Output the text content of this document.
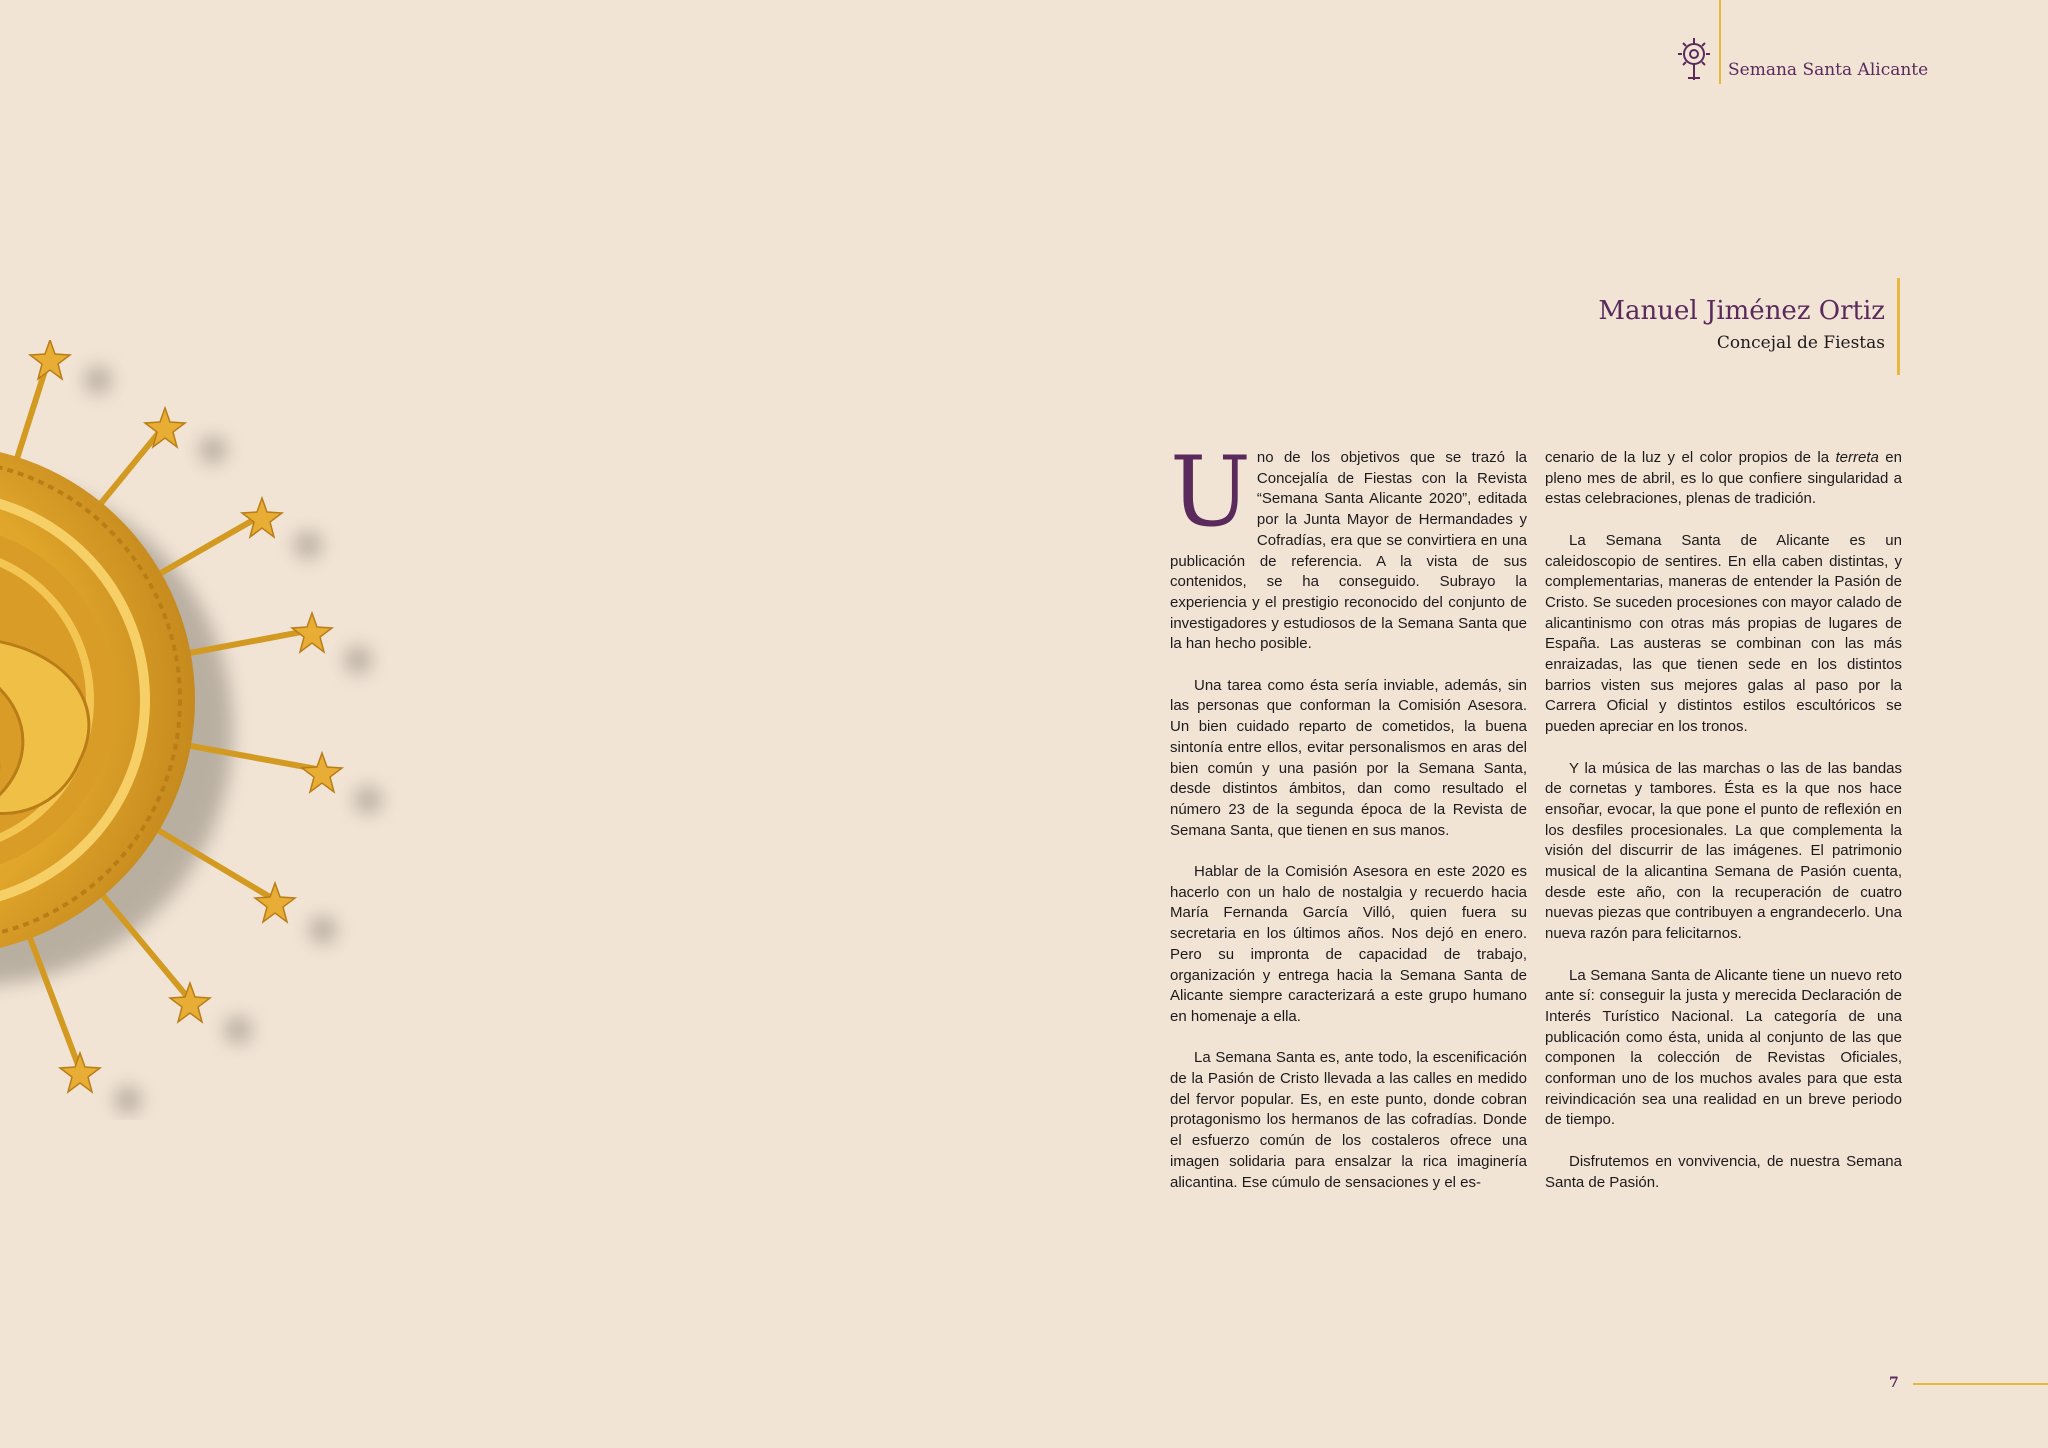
Semana Santa Alicante
Manuel Jiménez Ortiz
Concejal de Fiestas

Uno de los objetivos que se trazó la Concejalía de Fiestas con la Revista “Semana Santa Alicante 2020”, editada por la Junta Mayor de Hermandades y Cofradías, era que se convirtiera en una publicación de referencia. A la vista de sus contenidos, se ha conseguido. Subrayo la experiencia y el prestigio reconocido del conjunto de investigadores y estudiosos de la Semana Santa que la han hecho posible.

Una tarea como ésta sería inviable, además, sin las personas que conforman la Comisión Asesora. Un bien cuidado reparto de cometidos, la buena sintonía entre ellos, evitar personalismos en aras del bien común y una pasión por la Semana Santa, desde distintos ámbitos, dan como resultado el número 23 de la segunda época de la Revista de Semana Santa, que tienen en sus manos.

Hablar de la Comisión Asesora en este 2020 es hacerlo con un halo de nostalgia y recuerdo hacia María Fernanda García Villó, quien fuera su secretaria en los últimos años. Nos dejó en enero. Pero su impronta de capacidad de trabajo, organización y entrega hacia la Semana Santa de Alicante siempre caracterizará a este grupo humano en homenaje a ella.

La Semana Santa es, ante todo, la escenificación de la Pasión de Cristo llevada a las calles en medido del fervor popular. Es, en este punto, donde cobran protagonismo los hermanos de las cofradías. Donde el esfuerzo común de los costaleros ofrece una imagen solidaria para ensalzar la rica imaginería alicantina. Ese cúmulo de sensaciones y el es-

cenario de la luz y el color propios de la terreta en pleno mes de abril, es lo que confiere singularidad a estas celebraciones, plenas de tradición.

La Semana Santa de Alicante es un caleidoscopio de sentires. En ella caben distintas, y complementarias, maneras de entender la Pasión de Cristo. Se suceden procesiones con mayor calado de alicantinismo con otras más propias de lugares de España. Las austeras se combinan con las más enraizadas, las que tienen sede en los distintos barrios visten sus mejores galas al paso por la Carrera Oficial y distintos estilos escultóricos se pueden apreciar en los tronos.

Y la música de las marchas o las de las bandas de cornetas y tambores. Ésta es la que nos hace ensoñar, evocar, la que pone el punto de reflexión en los desfiles procesionales. La que complementa la visión del discurrir de las imágenes. El patrimonio musical de la alicantina Semana de Pasión cuenta, desde este año, con la recuperación de cuatro nuevas piezas que contribuyen a engrandecerlo. Una nueva razón para felicitarnos.

La Semana Santa de Alicante tiene un nuevo reto ante sí: conseguir la justa y merecida Declaración de Interés Turístico Nacional. La categoría de una publicación como ésta, unida al conjunto de las que componen la colección de Revistas Oficiales, conforman uno de los muchos avales para que esta reivindicación sea una realidad en un breve periodo de tiempo.

Disfrutemos en vonvivencia, de nuestra Semana Santa de Pasión.

7
